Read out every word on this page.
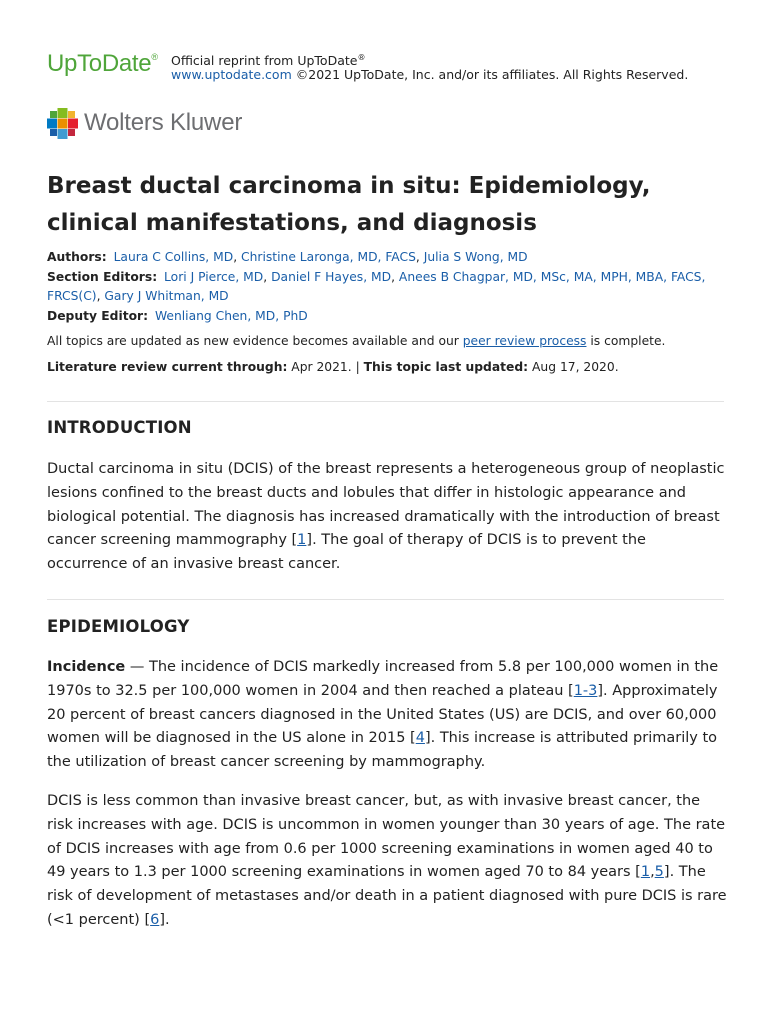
UpToDate® Official reprint from UpToDate®
www.uptodate.com ©2021 UpToDate, Inc. and/or its affiliates. All Rights Reserved.
Wolters Kluwer
Breast ductal carcinoma in situ: Epidemiology, clinical manifestations, and diagnosis
Authors: Laura C Collins, MD, Christine Laronga, MD, FACS, Julia S Wong, MD
Section Editors: Lori J Pierce, MD, Daniel F Hayes, MD, Anees B Chagpar, MD, MSc, MA, MPH, MBA, FACS, FRCS(C), Gary J Whitman, MD
Deputy Editor: Wenliang Chen, MD, PhD
All topics are updated as new evidence becomes available and our peer review process is complete.
Literature review current through: Apr 2021. | This topic last updated: Aug 17, 2020.
INTRODUCTION
Ductal carcinoma in situ (DCIS) of the breast represents a heterogeneous group of neoplastic lesions confined to the breast ducts and lobules that differ in histologic appearance and biological potential. The diagnosis has increased dramatically with the introduction of breast cancer screening mammography [1]. The goal of therapy of DCIS is to prevent the occurrence of an invasive breast cancer.
EPIDEMIOLOGY
Incidence — The incidence of DCIS markedly increased from 5.8 per 100,000 women in the 1970s to 32.5 per 100,000 women in 2004 and then reached a plateau [1-3]. Approximately 20 percent of breast cancers diagnosed in the United States (US) are DCIS, and over 60,000 women will be diagnosed in the US alone in 2015 [4]. This increase is attributed primarily to the utilization of breast cancer screening by mammography.
DCIS is less common than invasive breast cancer, but, as with invasive breast cancer, the risk increases with age. DCIS is uncommon in women younger than 30 years of age. The rate of DCIS increases with age from 0.6 per 1000 screening examinations in women aged 40 to 49 years to 1.3 per 1000 screening examinations in women aged 70 to 84 years [1,5]. The risk of development of metastases and/or death in a patient diagnosed with pure DCIS is rare (<1 percent) [6].
